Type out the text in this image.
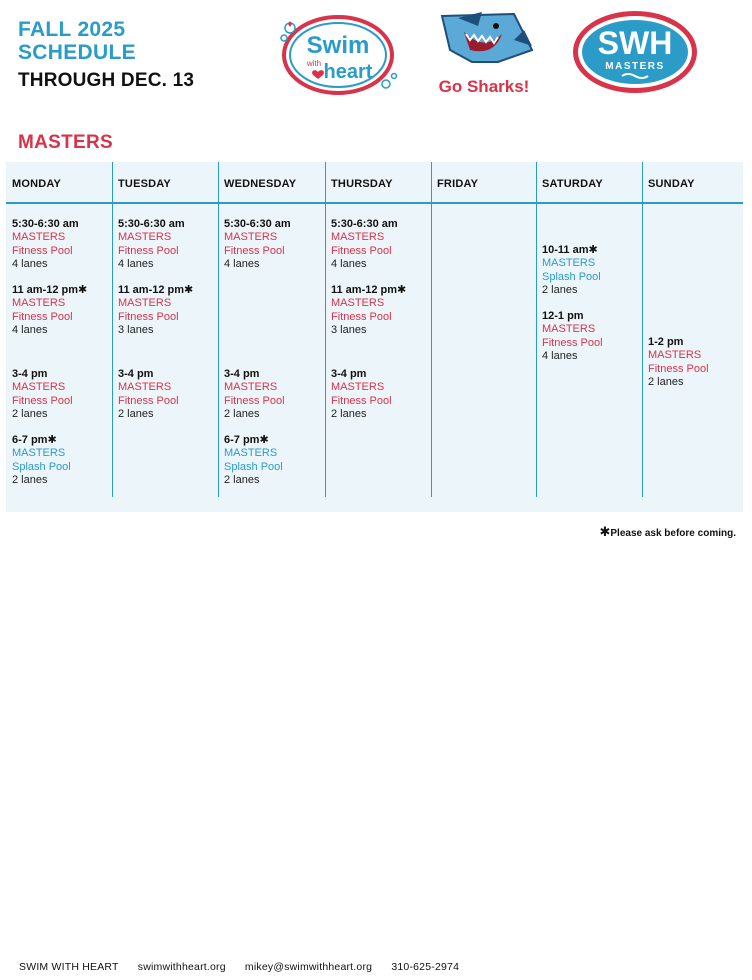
FALL 2025
SCHEDULE
THROUGH DEC. 13
Swim
with heart
Go Sharks!
SWH
MASTERS
MASTERS
MONDAY
5:30-6:30 am
MASTERS
Fitness Pool
4 lanes
11 am-12 pm✱
MASTERS
Fitness Pool
4 lanes
3-4 pm
MASTERS
Fitness Pool
2 lanes
6-7 pm✱
MASTERS
Splash Pool
2 lanes
TUESDAY
5:30-6:30 am
MASTERS
Fitness Pool
4 lanes
11 am-12 pm✱
MASTERS
Fitness Pool
3 lanes
3-4 pm
MASTERS
Fitness Pool
2 lanes
WEDNESDAY
5:30-6:30 am
MASTERS
Fitness Pool
4 lanes
3-4 pm
MASTERS
Fitness Pool
2 lanes
6-7 pm✱
MASTERS
Splash Pool
2 lanes
THURSDAY
5:30-6:30 am
MASTERS
Fitness Pool
4 lanes
11 am-12 pm✱
MASTERS
Fitness Pool
3 lanes
3-4 pm
MASTERS
Fitness Pool
2 lanes
FRIDAY	SATURDAY
10-11 am✱
MASTERS
Splash Pool
2 lanes
12-1 pm
MASTERS
Fitness Pool
4 lanes
SUNDAY
1-2 pm
MASTERS
Fitness Pool
2 lanes
✱Please ask before coming.
SWIM WITH HEART swimwithheart.org mikey@swimwithheart.org 310-625-2974
